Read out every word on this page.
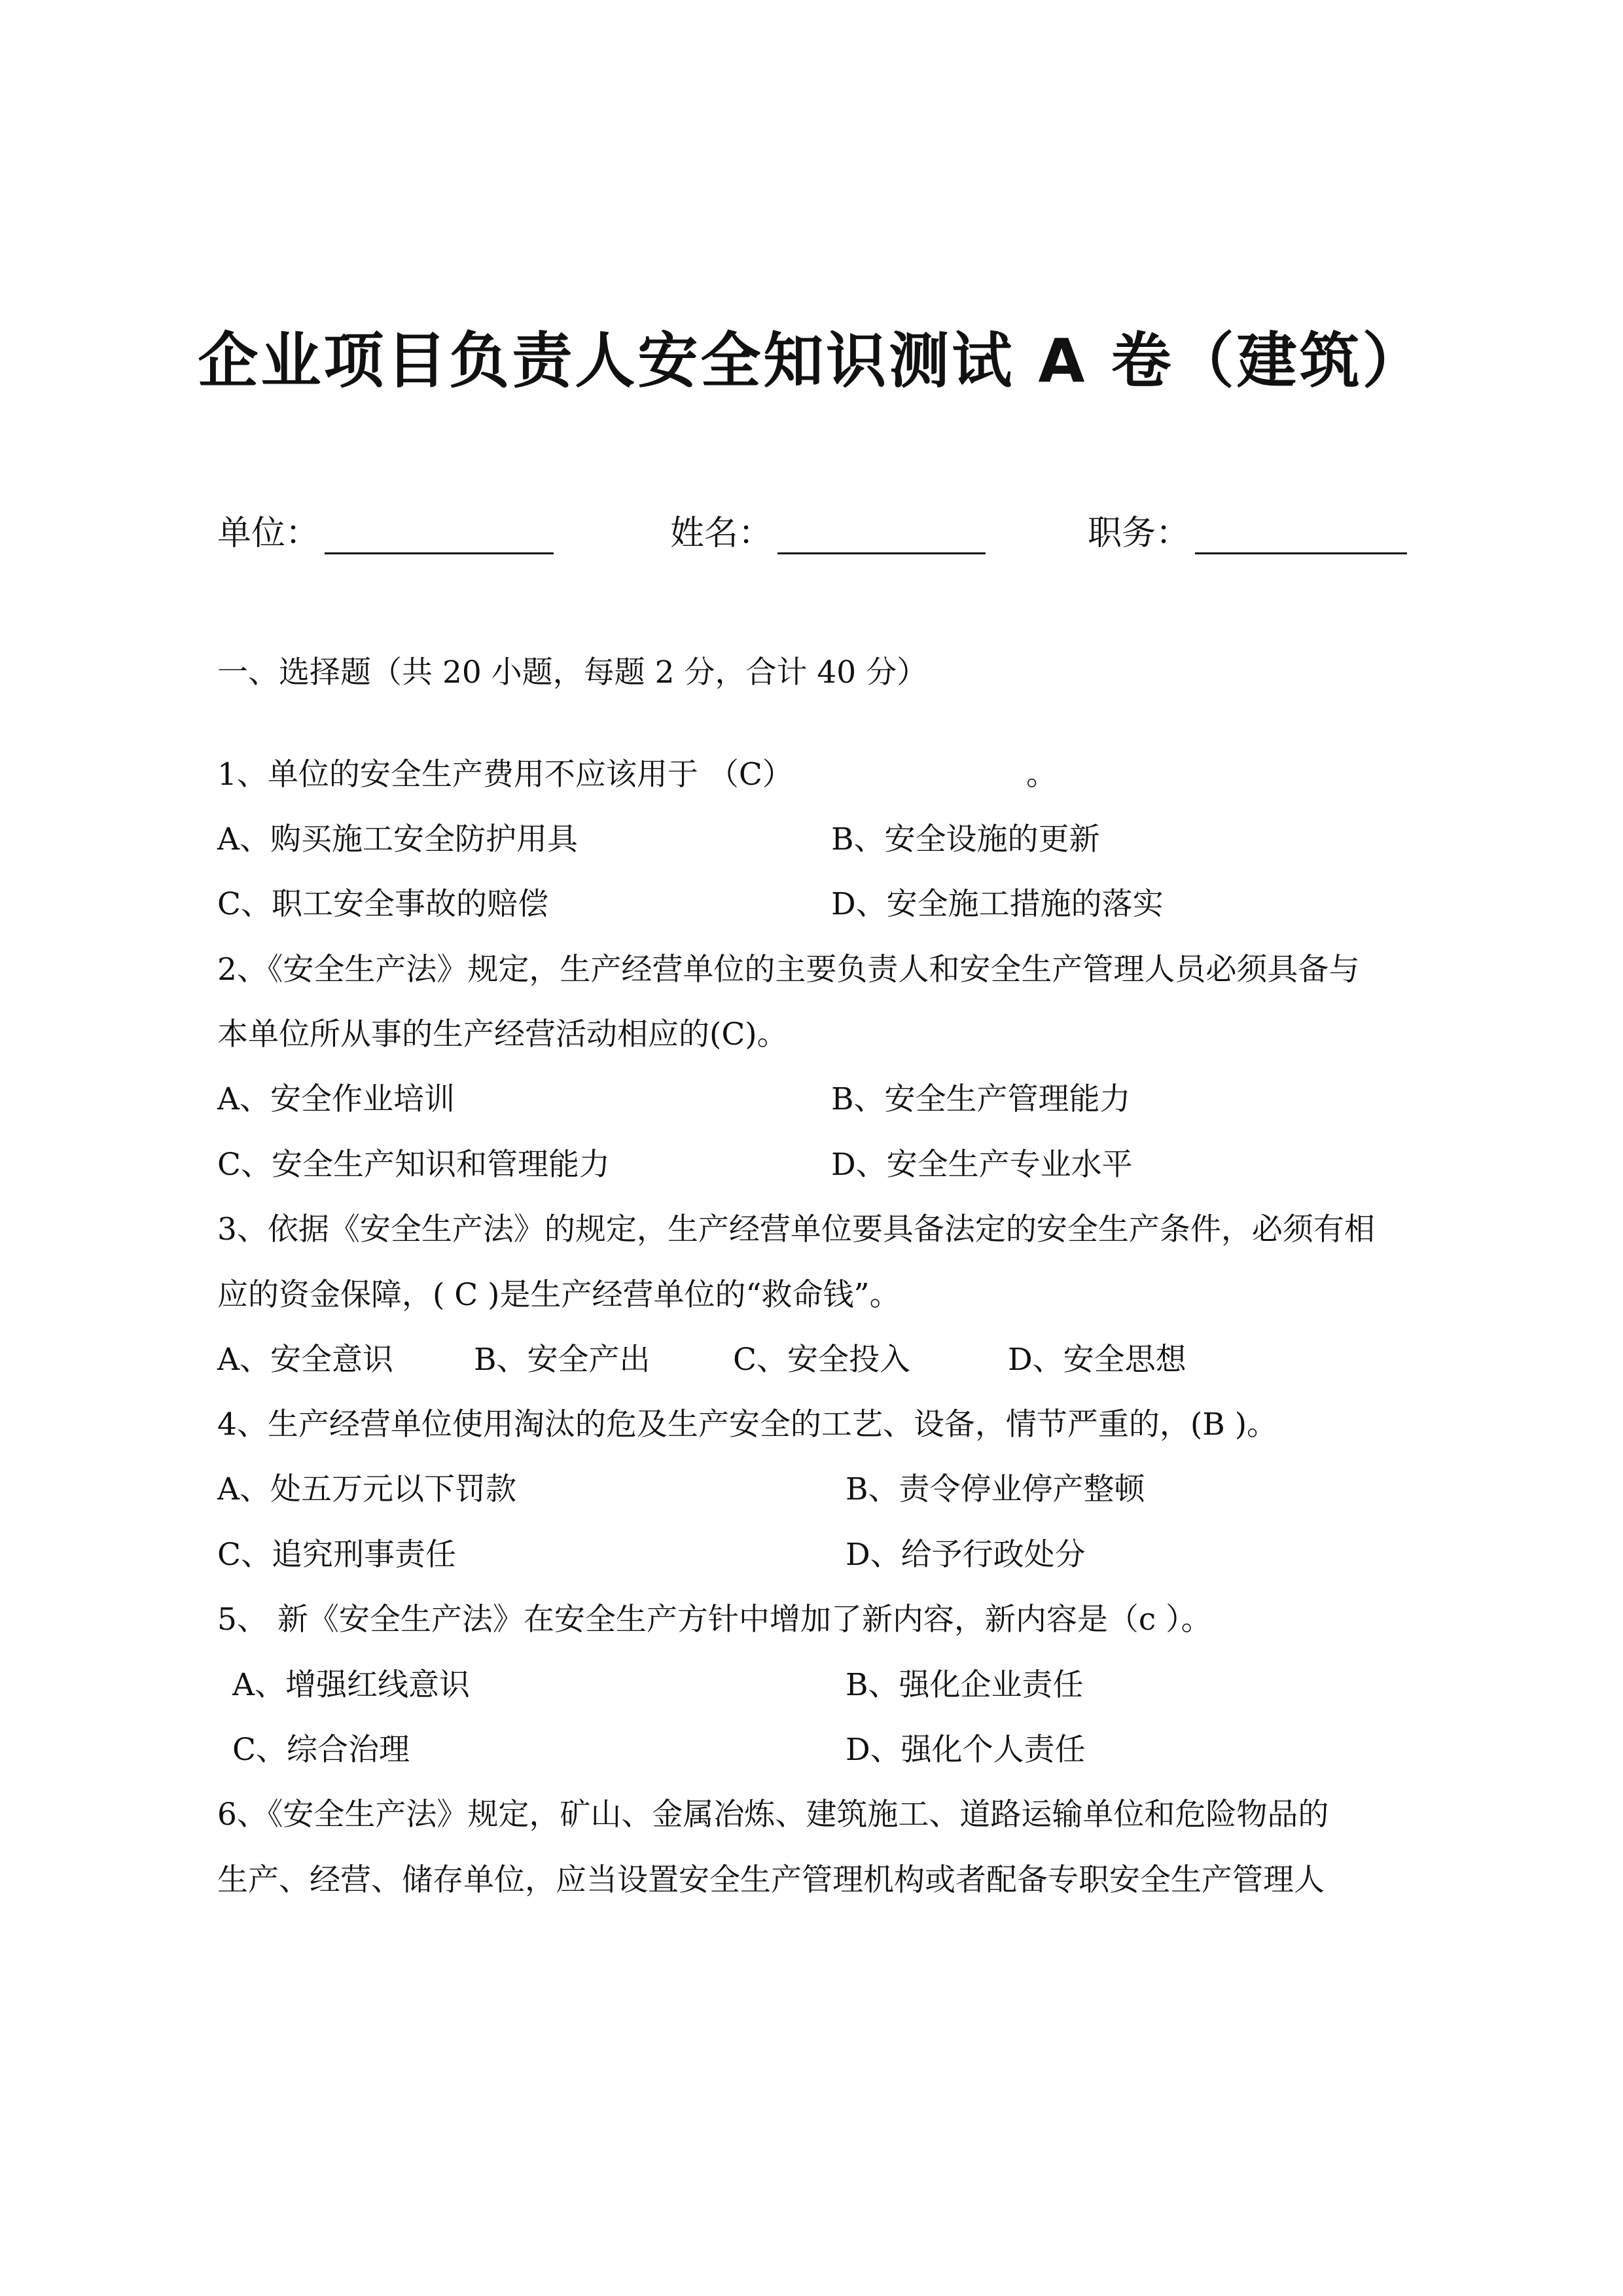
企业项目负责人安全知识测试 A 卷（建筑）
单位：	姓名：	职务：
一、选择题（共 20 小题，每题 2 分，合计 40 分）
1、单位的安全生产费用不应该用于 （C）	。
A、购买施工安全防护用具	B、安全设施的更新
C、职工安全事故的赔偿	D、安全施工措施的落实
2、《安全生产法》规定，生产经营单位的主要负责人和安全生产管理人员必须具备与
本单位所从事的生产经营活动相应的(C)。
A、安全作业培训	B、安全生产管理能力
C、安全生产知识和管理能力	D、安全生产专业水平
3、依据《安全生产法》的规定，生产经营单位要具备法定的安全生产条件，必须有相
应的资金保障，( C )是生产经营单位的“救命钱”。
A、安全意识	B、安全产出	C、安全投入	D、安全思想
4、生产经营单位使用淘汰的危及生产安全的工艺、设备，情节严重的，(B )。
A、处五万元以下罚款	B、责令停业停产整顿
C、追究刑事责任	D、给予行政处分
5、 新《安全生产法》在安全生产方针中增加了新内容，新内容是（c ）。
A、增强红线意识	B、强化企业责任
C、综合治理	D、强化个人责任
6、《安全生产法》规定，矿山、金属冶炼、建筑施工、道路运输单位和危险物品的
生产、经营、储存单位，应当设置安全生产管理机构或者配备专职安全生产管理人
